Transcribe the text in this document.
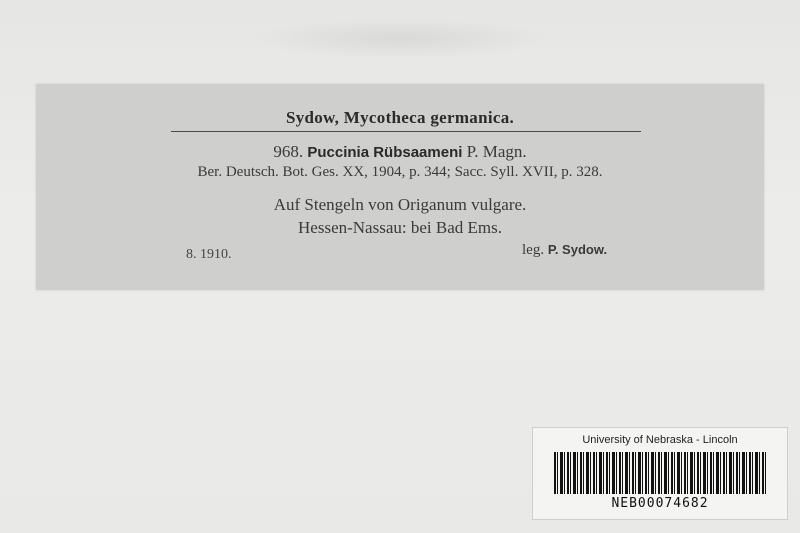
Sydow, Mycotheca germanica.
968. Puccinia Rübsaameni P. Magn.
Ber. Deutsch. Bot. Ges. XX, 1904, p. 344; Sacc. Syll. XVII, p. 328.
Auf Stengeln von Origanum vulgare.
Hessen-Nassau: bei Bad Ems.
8. 1910.	leg. P. Sydow.
University of Nebraska - Lincoln
NEB00074682
